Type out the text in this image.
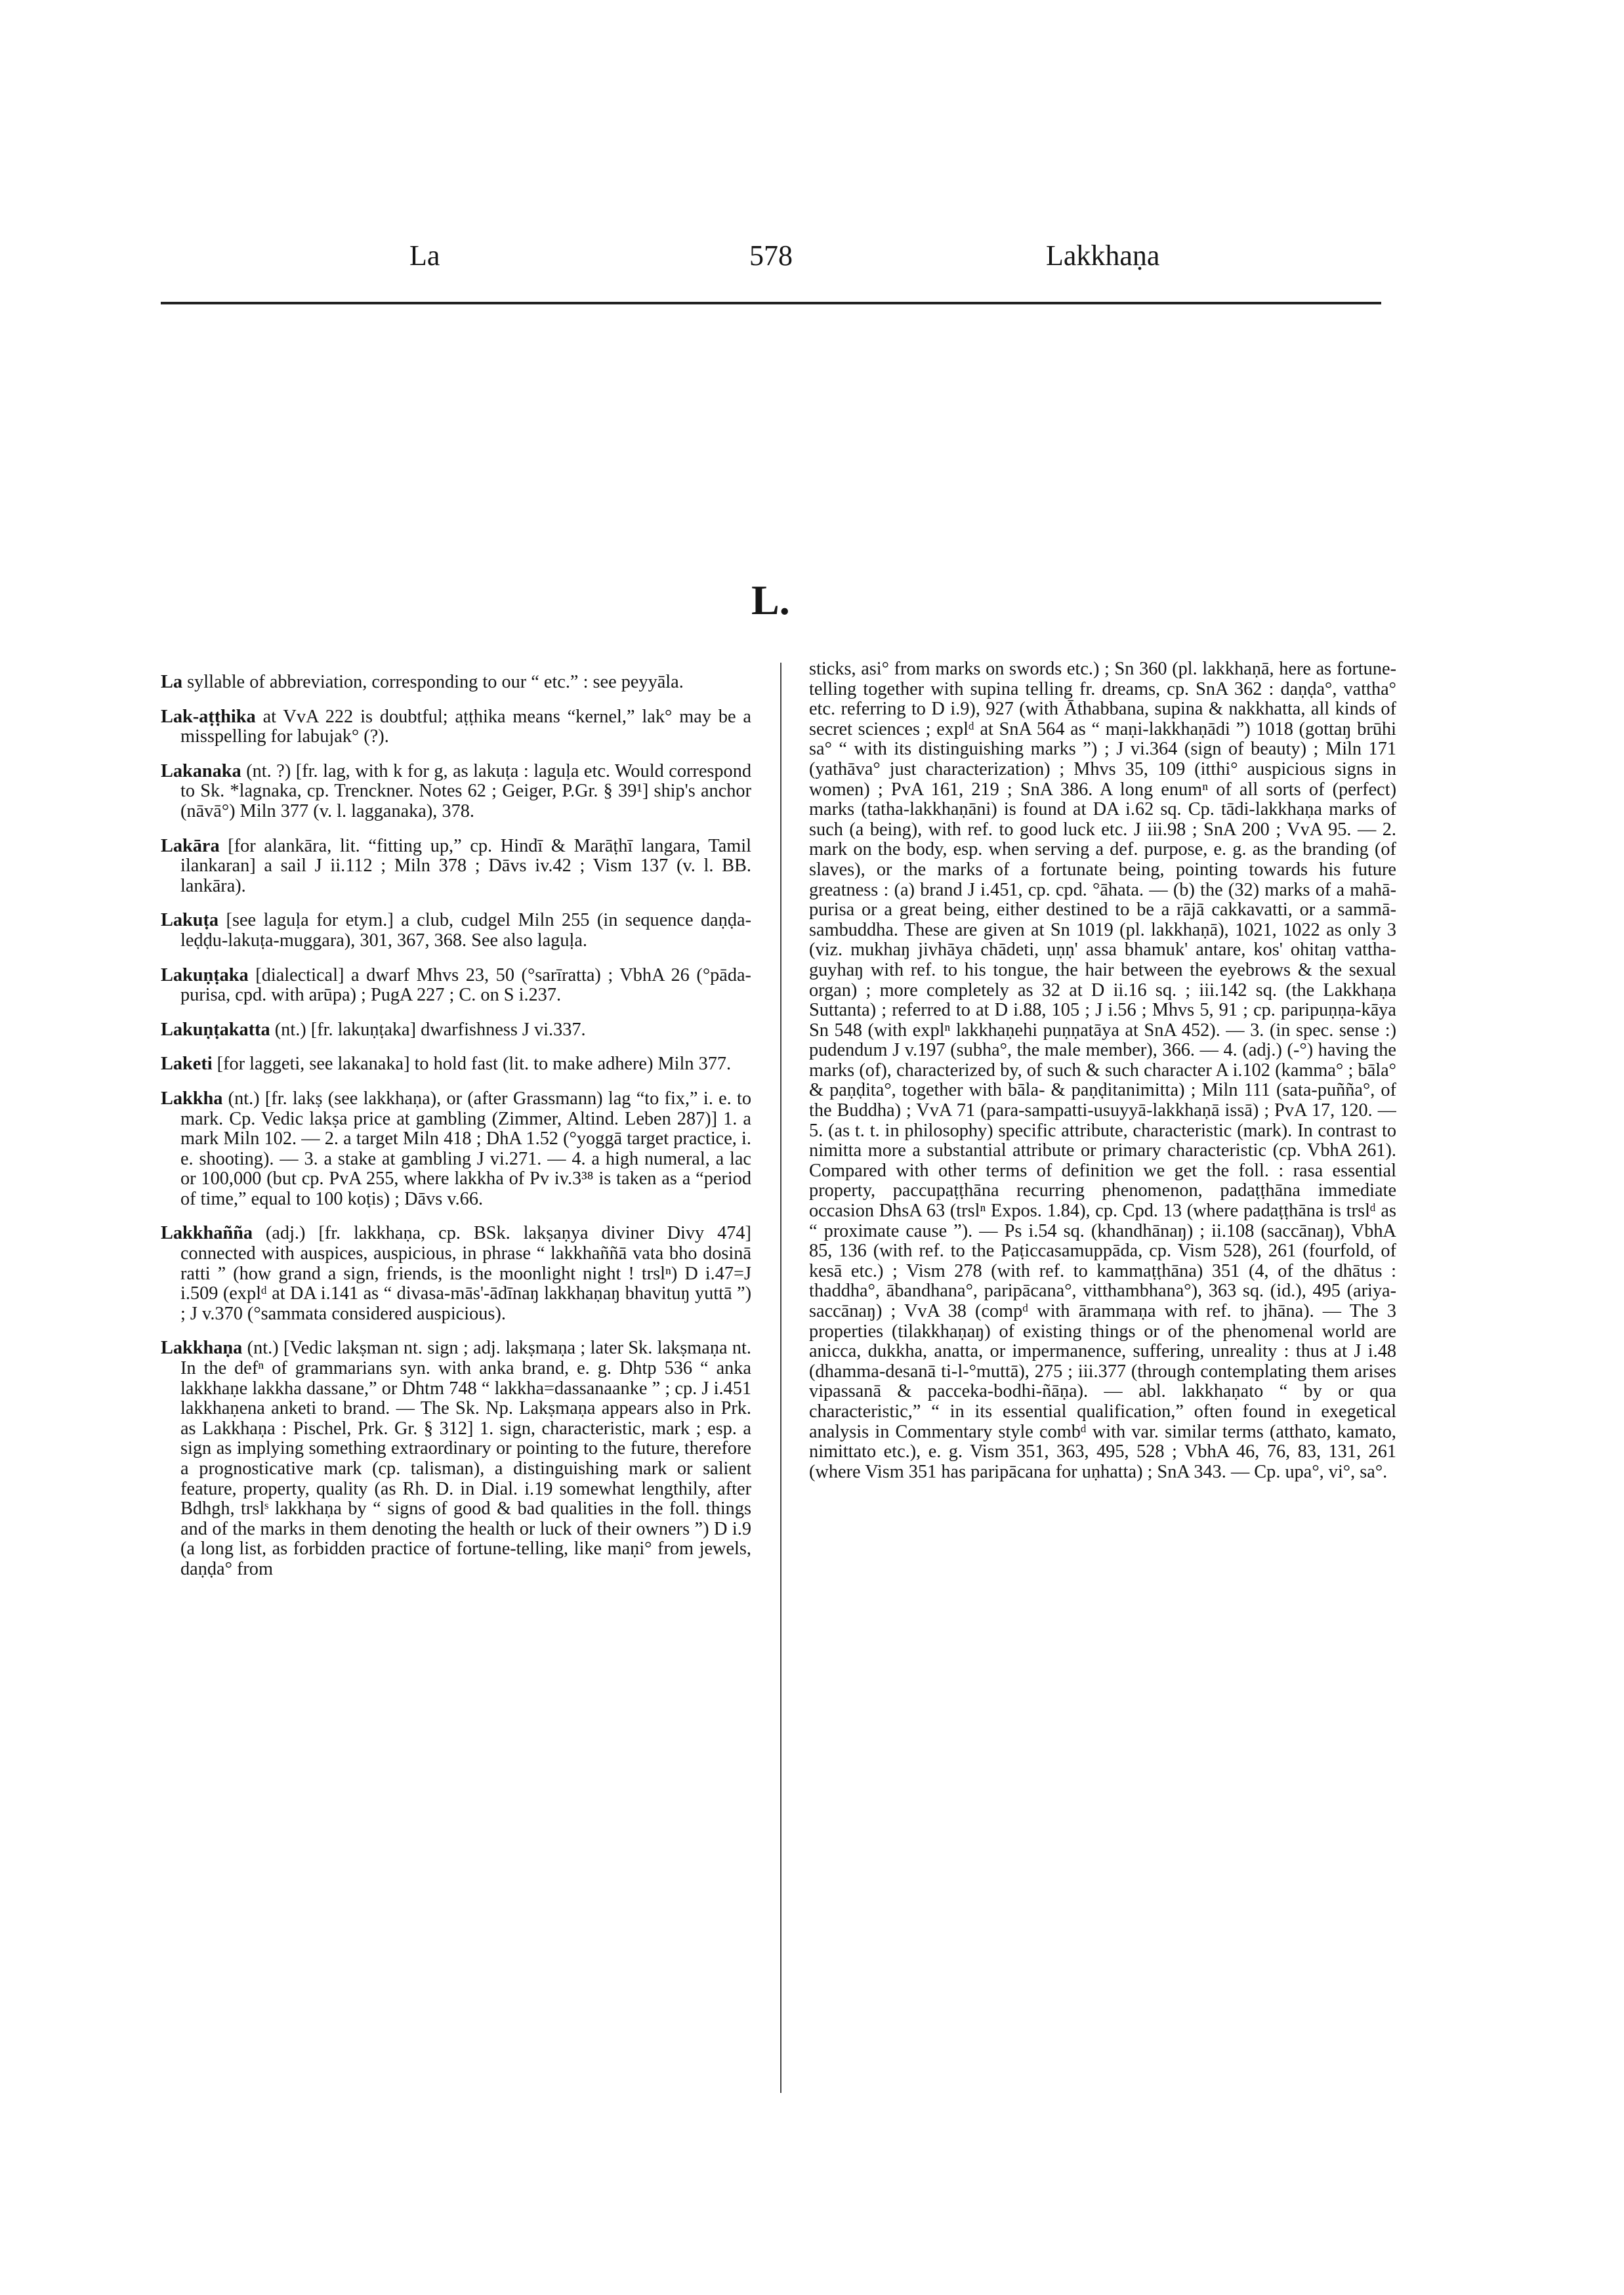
La	578	Lakkhaṇa
L.

La syllable of abbreviation, corresponding to our “ etc.” : see peyyāla.

Lak-aṭṭhika at VvA 222 is doubtful; aṭṭhika means “kernel,” lak° may be a misspelling for labujak° (?).

Lakanaka (nt. ?) [fr. lag, with k for g, as lakuṭa : laguḷa etc. Would correspond to Sk. *lagnaka, cp. Trenckner. Notes 62 ; Geiger, P.Gr. § 39¹] ship's anchor (nāvā°) Miln 377 (v. l. lagganaka), 378.

Lakāra [for alankāra, lit. “fitting up,” cp. Hindī & Marāṭhī langara, Tamil ilankaran] a sail J ii.112 ; Miln 378 ; Dāvs iv.42 ; Vism 137 (v. l. BB. lankāra).

Lakuṭa [see laguḷa for etym.] a club, cudgel Miln 255 (in sequence daṇḍa-leḍḍu-lakuṭa-muggara), 301, 367, 368. See also laguḷa.

Lakuṇṭaka [dialectical] a dwarf Mhvs 23, 50 (°sarīratta) ; VbhA 26 (°pāda-purisa, cpd. with arūpa) ; PugA 227 ; C. on S i.237.

Lakuṇṭakatta (nt.) [fr. lakuṇṭaka] dwarfishness J vi.337.

Laketi [for laggeti, see lakanaka] to hold fast (lit. to make adhere) Miln 377.

Lakkha (nt.) [fr. lakṣ (see lakkhaṇa), or (after Grassmann) lag “to fix,” i. e. to mark. Cp. Vedic lakṣa price at gambling (Zimmer, Altind. Leben 287)] 1. a mark Miln 102. — 2. a target Miln 418 ; DhA 1.52 (°yoggā target practice, i. e. shooting). — 3. a stake at gambling J vi.271. — 4. a high numeral, a lac or 100,000 (but cp. PvA 255, where lakkha of Pv iv.3³⁸ is taken as a “period of time,” equal to 100 koṭis) ; Dāvs v.66.

Lakkhañña (adj.) [fr. lakkhaṇa, cp. BSk. lakṣaṇya diviner Divy 474] connected with auspices, auspicious, in phrase “ lakkhaññā vata bho dosinā ratti ” (how grand a sign, friends, is the moonlight night ! trslⁿ) D i.47=J i.509 (explᵈ at DA i.141 as “ divasa-mās'-ādīnaŋ lakkhaṇaŋ bhavituŋ yuttā ”) ; J v.370 (°sammata considered auspicious).

Lakkhaṇa (nt.) [Vedic lakṣman nt. sign ; adj. lakṣmaṇa ; later Sk. lakṣmaṇa nt. In the defⁿ of grammarians syn. with anka brand, e. g. Dhtp 536 “ anka lakkhaṇe lakkha dassane,” or Dhtm 748 “ lakkha=dassanaanke ” ; cp. J i.451 lakkhaṇena anketi to brand. — The Sk. Np. Lakṣmaṇa appears also in Prk. as Lakkhaṇa : Pischel, Prk. Gr. § 312] 1. sign, characteristic, mark ; esp. a sign as implying something extraordinary or pointing to the future, therefore a prognosticative mark (cp. talisman), a distinguishing mark or salient feature, property, quality (as Rh. D. in Dial. i.19 somewhat lengthily, after Bdhgh, trslˢ lakkhaṇa by “ signs of good & bad qualities in the foll. things and of the marks in them denoting the health or luck of their owners ”) D i.9 (a long list, as forbidden practice of fortune-telling, like maṇi° from jewels, daṇḍa° from

sticks, asi° from marks on swords etc.) ; Sn 360 (pl. lakkhaṇā, here as fortune-telling together with supina telling fr. dreams, cp. SnA 362 : daṇḍa°, vattha° etc. referring to D i.9), 927 (with Āthabbana, supina & nakkhatta, all kinds of secret sciences ; explᵈ at SnA 564 as “ maṇi-lakkhaṇādi ”) 1018 (gottaŋ brūhi sa° “ with its distinguishing marks ”) ; J vi.364 (sign of beauty) ; Miln 171 (yathāva° just characterization) ; Mhvs 35, 109 (itthi° auspicious signs in women) ; PvA 161, 219 ; SnA 386. A long enumⁿ of all sorts of (perfect) marks (tatha-lakkhaṇāni) is found at DA i.62 sq. Cp. tādi-lakkhaṇa marks of such (a being), with ref. to good luck etc. J iii.98 ; SnA 200 ; VvA 95. — 2. mark on the body, esp. when serving a def. purpose, e. g. as the branding (of slaves), or the marks of a fortunate being, pointing towards his future greatness : (a) brand J i.451, cp. cpd. °āhata. — (b) the (32) marks of a mahā-purisa or a great being, either destined to be a rājā cakkavatti, or a sammā-sambuddha. These are given at Sn 1019 (pl. lakkhaṇā), 1021, 1022 as only 3 (viz. mukhaŋ jivhāya chādeti, uṇṇ' assa bhamuk' antare, kos' ohitaŋ vattha-guyhaŋ with ref. to his tongue, the hair between the eyebrows & the sexual organ) ; more completely as 32 at D ii.16 sq. ; iii.142 sq. (the Lakkhaṇa Suttanta) ; referred to at D i.88, 105 ; J i.56 ; Mhvs 5, 91 ; cp. paripuṇṇa-kāya Sn 548 (with explⁿ lakkhaṇehi puṇṇatāya at SnA 452). — 3. (in spec. sense :) pudendum J v.197 (subha°, the male member), 366. — 4. (adj.) (-°) having the marks (of), characterized by, of such & such character A i.102 (kamma° ; bāla° & paṇḍita°, together with bāla- & paṇḍitanimitta) ; Miln 111 (sata-puñña°, of the Buddha) ; VvA 71 (para-sampatti-usuyyā-lakkhaṇā issā) ; PvA 17, 120. — 5. (as t. t. in philosophy) specific attribute, characteristic (mark). In contrast to nimitta more a substantial attribute or primary characteristic (cp. VbhA 261). Compared with other terms of definition we get the foll. : rasa essential property, paccupaṭṭhāna recurring phenomenon, padaṭṭhāna immediate occasion DhsA 63 (trslⁿ Expos. 1.84), cp. Cpd. 13 (where padaṭṭhāna is trslᵈ as “ proximate cause ”). — Ps i.54 sq. (khandhānaŋ) ; ii.108 (saccānaŋ), VbhA 85, 136 (with ref. to the Paṭiccasamuppāda, cp. Vism 528), 261 (fourfold, of kesā etc.) ; Vism 278 (with ref. to kammaṭṭhāna) 351 (4, of the dhātus : thaddha°, ābandhana°, paripācana°, vitthambhana°), 363 sq. (id.), 495 (ariya-saccānaŋ) ; VvA 38 (compᵈ with ārammaṇa with ref. to jhāna). — The 3 properties (tilakkhaṇaŋ) of existing things or of the phenomenal world are anicca, dukkha, anatta, or impermanence, suffering, unreality : thus at J i.48 (dhamma-desanā ti-l-°muttā), 275 ; iii.377 (through contemplating them arises vipassanā & pacceka-bodhi-ñāṇa). — abl. lakkhaṇato “ by or qua characteristic,” “ in its essential qualification,” often found in exegetical analysis in Commentary style combᵈ with var. similar terms (atthato, kamato, nimittato etc.), e. g. Vism 351, 363, 495, 528 ; VbhA 46, 76, 83, 131, 261 (where Vism 351 has paripācana for uṇhatta) ; SnA 343. — Cp. upa°, vi°, sa°.
